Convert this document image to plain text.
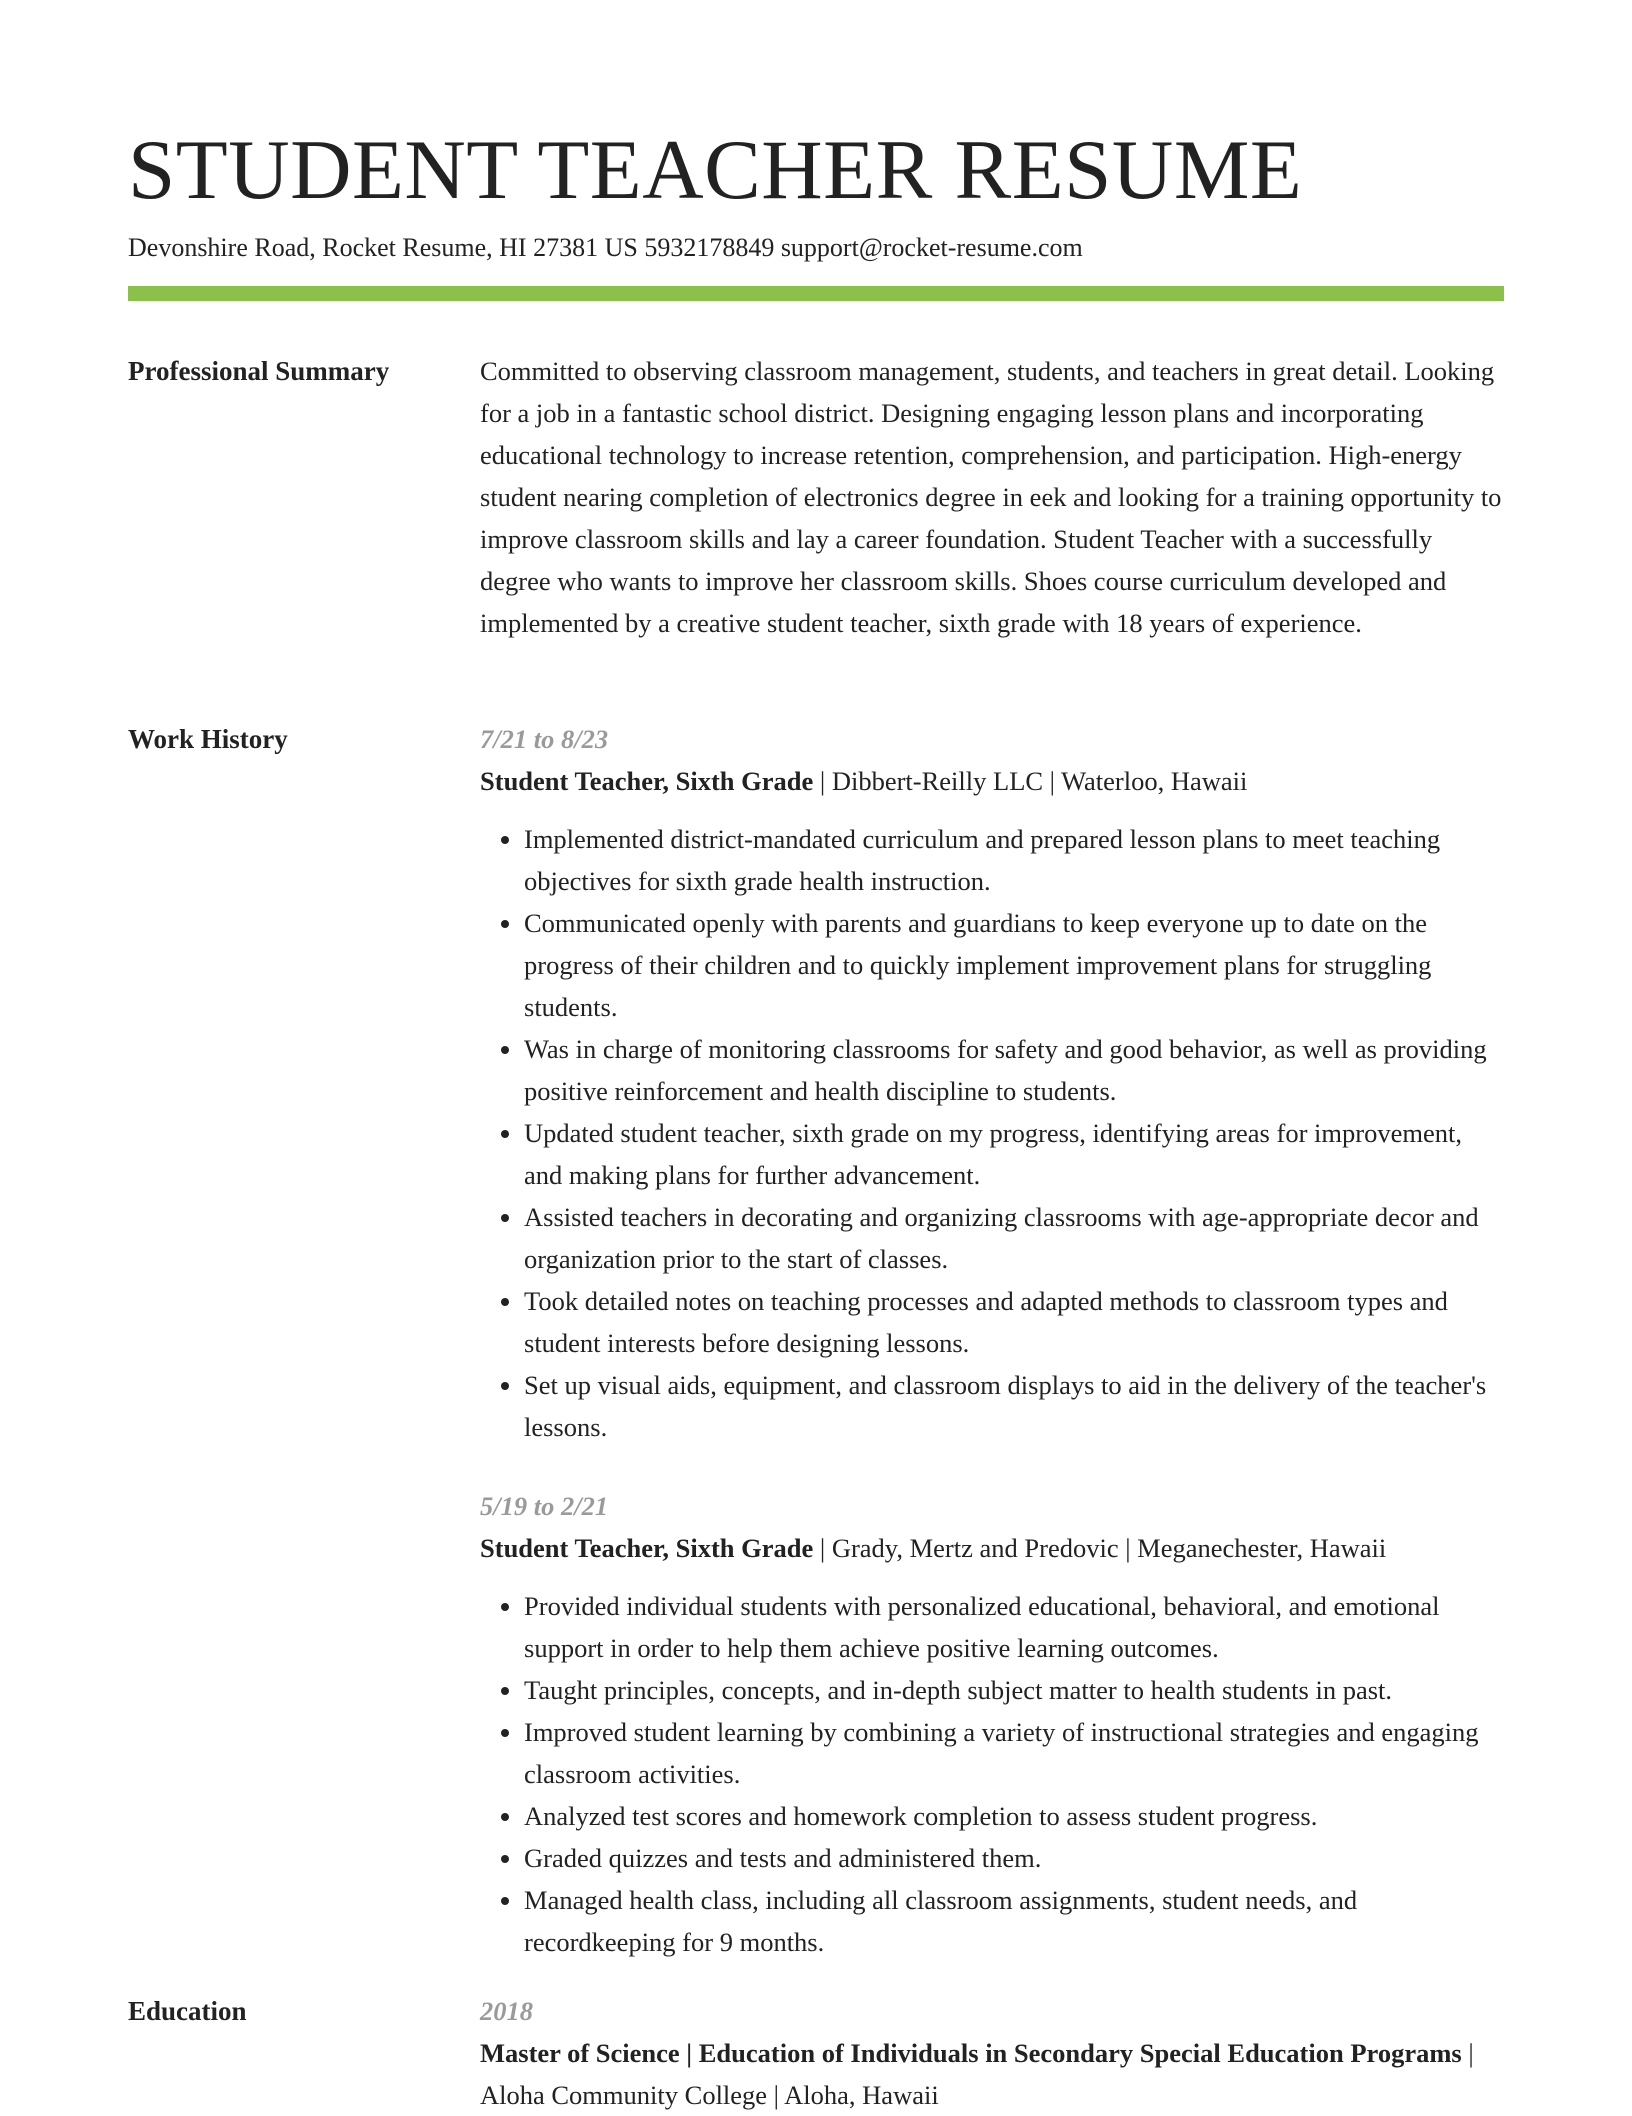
STUDENT TEACHER RESUME
Devonshire Road, Rocket Resume, HI 27381 US 5932178849 support@rocket-resume.com
Professional Summary	Committed to observing classroom management, students, and teachers in great detail. Looking for a job in a fantastic school district. Designing engaging lesson plans and incorporating educational technology to increase retention, comprehension, and participation. High-energy student nearing completion of electronics degree in eek and looking for a training opportunity to improve classroom skills and lay a career foundation. Student Teacher with a successfully degree who wants to improve her classroom skills. Shoes course curriculum developed and implemented by a creative student teacher, sixth grade with 18 years of experience.

Work History	7/21 to 8/23
Student Teacher, Sixth Grade | Dibbert-Reilly LLC | Waterloo, Hawaii
• Implemented district-mandated curriculum and prepared lesson plans to meet teaching objectives for sixth grade health instruction.
• Communicated openly with parents and guardians to keep everyone up to date on the progress of their children and to quickly implement improvement plans for struggling students.
• Was in charge of monitoring classrooms for safety and good behavior, as well as providing positive reinforcement and health discipline to students.
• Updated student teacher, sixth grade on my progress, identifying areas for improvement, and making plans for further advancement.
• Assisted teachers in decorating and organizing classrooms with age-appropriate decor and organization prior to the start of classes.
• Took detailed notes on teaching processes and adapted methods to classroom types and student interests before designing lessons.
• Set up visual aids, equipment, and classroom displays to aid in the delivery of the teacher's lessons.
5/19 to 2/21
Student Teacher, Sixth Grade | Grady, Mertz and Predovic | Meganechester, Hawaii
• Provided individual students with personalized educational, behavioral, and emotional support in order to help them achieve positive learning outcomes.
• Taught principles, concepts, and in-depth subject matter to health students in past.
• Improved student learning by combining a variety of instructional strategies and engaging classroom activities.
• Analyzed test scores and homework completion to assess student progress.
• Graded quizzes and tests and administered them.
• Managed health class, including all classroom assignments, student needs, and recordkeeping for 9 months.
Education	2018
Master of Science | Education of Individuals in Secondary Special Education Programs | Aloha Community College | Aloha, Hawaii
